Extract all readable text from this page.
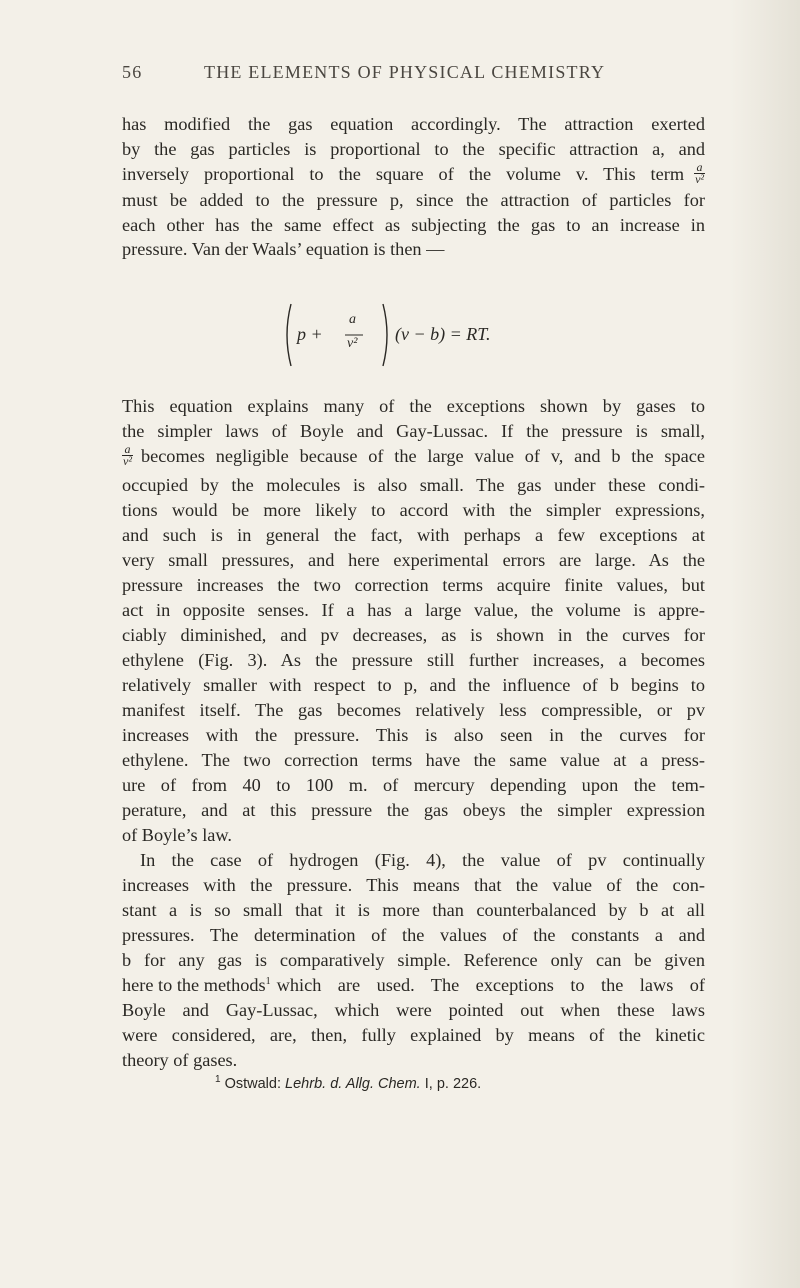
56	THE ELEMENTS OF PHYSICAL CHEMISTRY
has modified the gas equation accordingly. The attraction exerted
by the gas particles is proportional to the specific attraction a, and
inversely proportional to the square of the volume v. This term $\frac{a}{\text{v²}}$
must be added to the pressure p, since the attraction of particles for
each other has the same effect as subjecting the gas to an increase in
pressure. Van der Waals’ equation is then —
p +
a
v² (v − b) = RT.
This equation explains many of the exceptions shown by gases to
the simpler laws of Boyle and Gay-Lussac. If the pressure is small,
$\frac{a}{\text{v²}}$ becomes negligible because of the large value of v, and b the space
occupied by the molecules is also small. The gas under these condi-
tions would be more likely to accord with the simpler expressions,
and such is in general the fact, with perhaps a few exceptions at
very small pressures, and here experimental errors are large. As the
pressure increases the two correction terms acquire finite values, but
act in opposite senses. If a has a large value, the volume is appre-
ciably diminished, and pv decreases, as is shown in the curves for
ethylene (Fig. 3). As the pressure still further increases, a becomes
relatively smaller with respect to p, and the influence of b begins to
manifest itself. The gas becomes relatively less compressible, or pv
increases with the pressure. This is also seen in the curves for
ethylene. The two correction terms have the same value at a press-
ure of from 40 to 100 m. of mercury depending upon the tem-
perature, and at this pressure the gas obeys the simpler expression
of Boyle’s law.
In the case of hydrogen (Fig. 4), the value of pv continually
increases with the pressure. This means that the value of the con-
stant a is so small that it is more than counterbalanced by b at all
pressures. The determination of the values of the constants a and
b for any gas is comparatively simple. Reference only can be given
here to the methods$^1$ which are used. The exceptions to the laws of
Boyle and Gay-Lussac, which were pointed out when these laws
were considered, are, then, fully explained by means of the kinetic
theory of gases.
$^1$ Ostwald: Lehrb. d. Allg. Chem. I, p. 226.
